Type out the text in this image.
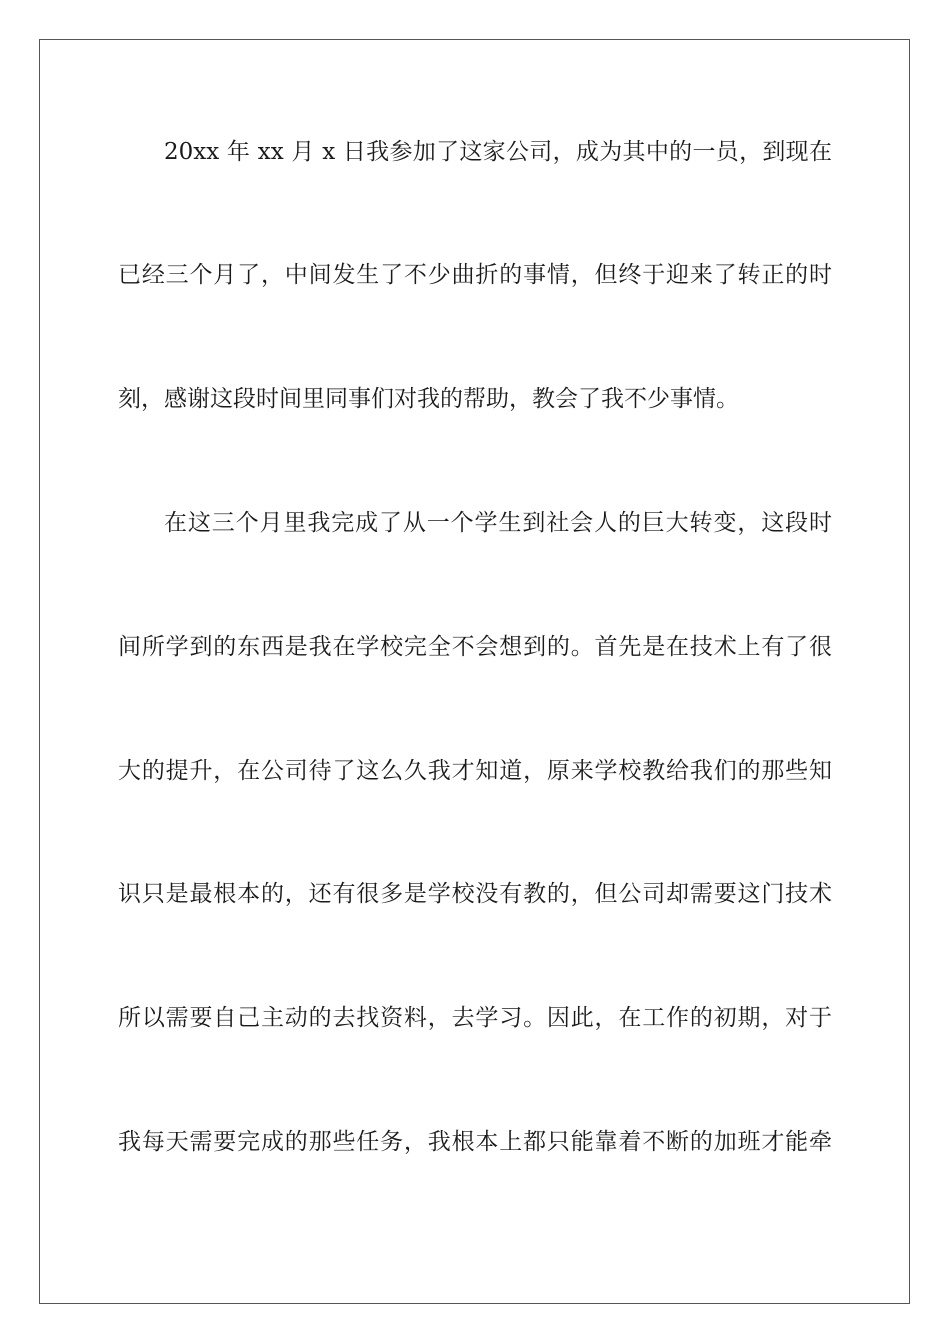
20xx 年 xx 月 x 日我参加了这家公司，成为其中的一员，到现在
已经三个月了，中间发生了不少曲折的事情，但终于迎来了转正的时
刻，感谢这段时间里同事们对我的帮助，教会了我不少事情。
在这三个月里我完成了从一个学生到社会人的巨大转变，这段时
间所学到的东西是我在学校完全不会想到的。首先是在技术上有了很
大的提升，在公司待了这么久我才知道，原来学校教给我们的那些知
识只是最根本的，还有很多是学校没有教的，但公司却需要这门技术
所以需要自己主动的去找资料，去学习。因此，在工作的初期，对于
我每天需要完成的那些任务，我根本上都只能靠着不断的加班才能牵
